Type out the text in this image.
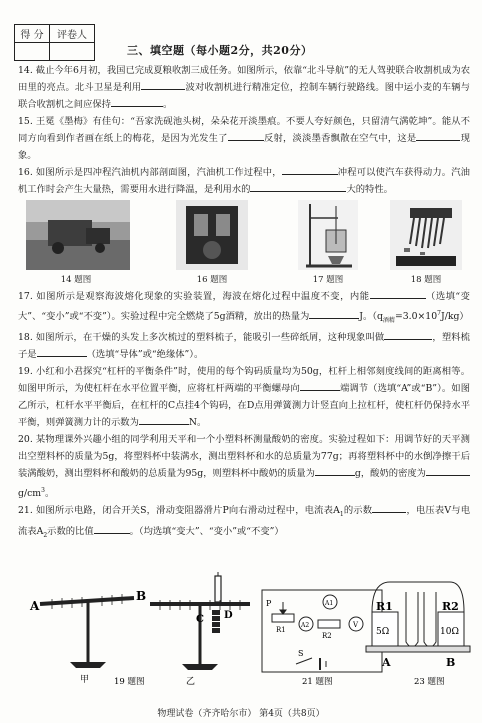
得 分	评卷人

三、填空题（每小题2分，共20分）

14. 截止今年6月初，我国已完成夏粮收割三成任务。如图所示，依靠“北斗导航”的无人驾驶联合收割机成为农田里的亮点。北斗卫星是利用	波对收割机进行精准定位，控制车辆行驶路线。图中运小麦的车辆与联合收割机之间应保持	。

15. 王冕《墨梅》有佳句：“吾家洗砚池头树，朵朵花开淡墨痕。不要人夸好颜色，只留清气满乾坤”。能从不同方向看到作者画在纸上的梅花，是因为光发生了	反射，淡淡墨香飘散在空气中，这是	现象。

16. 如图所示是四冲程汽油机内部剖面图，汽油机工作过程中，	冲程可以使汽车获得动力。汽油机工作时会产生大量热，需要用水进行降温，是利用水的	大的特性。

14 题图	16 题图	17 题图	18 题图

17. 如图所示是观察海波熔化现象的实验装置，海波在熔化过程中温度不变，内能	（选填“变大”、“变小”或“不变”）。实验过程中完全燃烧了5g酒精，放出的热量为	J。$(q_{酒精}=3.0\times 10^7J/kg)$

18. 如图所示，在干燥的头发上多次梳过的塑料梳子，能吸引一些碎纸屑，这种现象叫做	，塑料梳子是	（选填“导体”或“绝缘体”）。

19. 小红和小君探究“杠杆的平衡条件”时，使用的每个钩码质量均为50g，杠杆上相邻刻度线间的距离相等。如图甲所示，为使杠杆在水平位置平衡，应将杠杆两端的平衡螺母向	端调节（选填“A”或“B”）。如图乙所示，杠杆水平平衡后，在杠杆的C点挂4个钩码，在D点用弹簧测力计竖直向上拉杠杆，使杠杆仍保持水平平衡，则弹簧测力计的示数为	N。

20. 某物理课外兴趣小组的同学利用天平和一个小塑料杯测量酸奶的密度。实验过程如下：用调节好的天平测出空塑料杯的质量为5g，将塑料杯中装满水，测出塑料杯和水的总质量为77g；再将塑料杯中的水倒净擦干后装满酸奶，测出塑料杯和酸奶的总质量为95g，则塑料杯中酸奶的质量为	g，酸奶的密度为$g/cm^3$。

21. 如图所示电路，闭合开关S，滑动变阻器滑片P向右滑动过程中，电流表$A_1$的示数	，电压表V与电流表$A_2$示数的比值	。（均选填“变大”、“变小”或“不变”）

A
B
甲
C D
乙
P
R1
A1
A2
R2
V
S
R1	R2
5Ω	10Ω
A	B
19 题图	21 题图	23 题图
物理试卷（齐齐哈尔市） 第4页（共8页）
